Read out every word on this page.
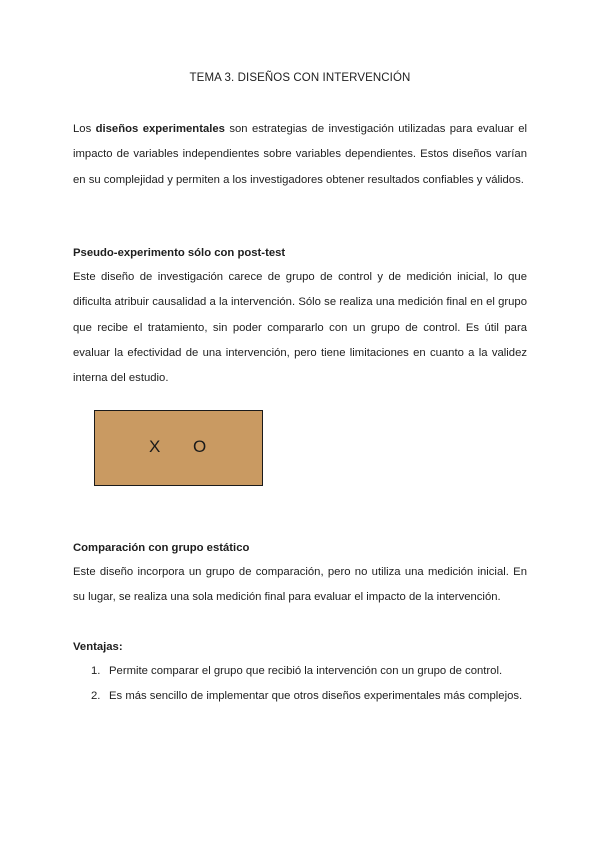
TEMA 3. DISEÑOS CON INTERVENCIÓN

Los diseños experimentales son estrategias de investigación utilizadas para evaluar el impacto de variables independientes sobre variables dependientes. Estos diseños varían en su complejidad y permiten a los investigadores obtener resultados confiables y válidos.

Pseudo-experimento sólo con post-test

Este diseño de investigación carece de grupo de control y de medición inicial, lo que dificulta atribuir causalidad a la intervención. Sólo se realiza una medición final en el grupo que recibe el tratamiento, sin poder compararlo con un grupo de control. Es útil para evaluar la efectividad de una intervención, pero tiene limitaciones en cuanto a la validez interna del estudio.

X O
Comparación con grupo estático

Este diseño incorpora un grupo de comparación, pero no utiliza una medición inicial. En su lugar, se realiza una sola medición final para evaluar el impacto de la intervención.

Ventajas:
1. Permite comparar el grupo que recibió la intervención con un grupo de control.
2. Es más sencillo de implementar que otros diseños experimentales más complejos.
